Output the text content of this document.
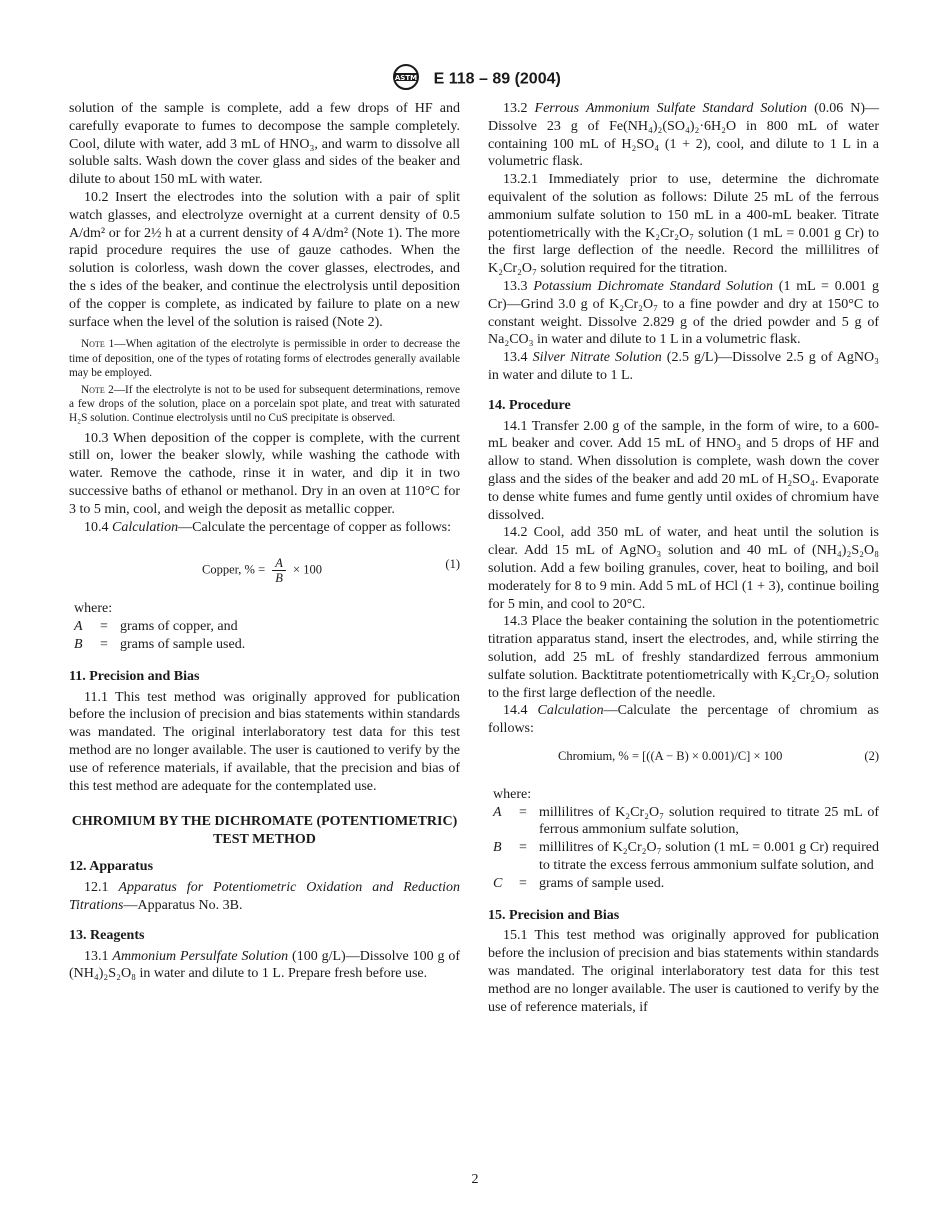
ASTM E 118 – 89 (2004)

solution of the sample is complete, add a few drops of HF and carefully evaporate to fumes to decompose the sample completely. Cool, dilute with water, add 3 mL of HNO₃, and warm to dissolve all soluble salts. Wash down the cover glass and sides of the beaker and dilute to about 150 mL with water.

10.2 Insert the electrodes into the solution with a pair of split watch glasses, and electrolyze overnight at a current density of 0.5 A/dm² or for 2½ h at a current density of 4 A/dm² (Note 1). The more rapid procedure requires the use of gauze cathodes. When the solution is colorless, wash down the cover glasses, electrodes, and the s ides of the beaker, and continue the electrolysis until deposition of the copper is complete, as indicated by failure to plate on a new surface when the level of the solution is raised (Note 2).

Note 1—When agitation of the electrolyte is permissible in order to decrease the time of deposition, one of the types of rotating forms of electrodes generally available may be employed.
Note 2—If the electrolyte is not to be used for subsequent determinations, remove a few drops of the solution, place on a porcelain spot plate, and treat with saturated H₂S solution. Continue electrolysis until no CuS precipitate is observed.

10.3 When deposition of the copper is complete, with the current still on, lower the beaker slowly, while washing the cathode with water. Remove the cathode, rinse it in water, and dip it in two successive baths of ethanol or methanol. Dry in an oven at 110°C for 3 to 5 min, cool, and weigh the deposit as metallic copper.

10.4 Calculation—Calculate the percentage of copper as follows:

Copper, % = $\frac{A}{B} \times 100$	(1)

where:

A	= grams of copper, and
B	= grams of sample used.
11. Precision and Bias

11.1 This test method was originally approved for publication before the inclusion of precision and bias statements within standards was mandated. The original interlaboratory test data for this test method are no longer available. The user is cautioned to verify by the use of reference materials, if available, that the precision and bias of this test method are adequate for the contemplated use.

CHROMIUM BY THE DICHROMATE (POTENTIOMETRIC) TEST METHOD
12. Apparatus

12.1 Apparatus for Potentiometric Oxidation and Reduction Titrations—Apparatus No. 3B.

13. Reagents

13.1 Ammonium Persulfate Solution (100 g/L)—Dissolve 100 g of (NH₄)₂S₂O₈ in water and dilute to 1 L. Prepare fresh before use.

13.2 Ferrous Ammonium Sulfate Standard Solution (0.06 N)—Dissolve 23 g of Fe(NH₄)₂(SO₄)₂·6H₂O in 800 mL of water containing 100 mL of H₂SO₄ (1 + 2), cool, and dilute to 1 L in a volumetric flask.

13.2.1 Immediately prior to use, determine the dichromate equivalent of the solution as follows: Dilute 25 mL of the ferrous ammonium sulfate solution to 150 mL in a 400-mL beaker. Titrate potentiometrically with the K₂Cr₂O₇ solution (1 mL = 0.001 g Cr) to the first large deflection of the needle. Record the millilitres of K₂Cr₂O₇ solution required for the titration.

13.3 Potassium Dichromate Standard Solution (1 mL = 0.001 g Cr)—Grind 3.0 g of K₂Cr₂O₇ to a fine powder and dry at 150°C to constant weight. Dissolve 2.829 g of the dried powder and 5 g of Na₂CO₃ in water and dilute to 1 L in a volumetric flask.

13.4 Silver Nitrate Solution (2.5 g/L)—Dissolve 2.5 g of AgNO₃ in water and dilute to 1 L.

14. Procedure

14.1 Transfer 2.00 g of the sample, in the form of wire, to a 600-mL beaker and cover. Add 15 mL of HNO₃ and 5 drops of HF and allow to stand. When dissolution is complete, wash down the cover glass and the sides of the beaker and add 20 mL of H₂SO₄. Evaporate to dense white fumes and fume gently until oxides of chromium have dissolved.

14.2 Cool, add 350 mL of water, and heat until the solution is clear. Add 15 mL of AgNO₃ solution and 40 mL of (NH₄)₂S₂O₈ solution. Add a few boiling granules, cover, heat to boiling, and boil moderately for 8 to 9 min. Add 5 mL of HCl (1 + 3), continue boiling for 5 min, and cool to 20°C.

14.3 Place the beaker containing the solution in the potentiometric titration apparatus stand, insert the electrodes, and, while stirring the solution, add 25 mL of freshly standardized ferrous ammonium sulfate solution. Backtitrate potentiometrically with K₂Cr₂O₇ solution to the first large deflection of the needle.

14.4 Calculation—Calculate the percentage of chromium as follows:

Chromium, % = [((A − B) × 0.001)/C] × 100	(2)

where:

A	= millilitres of K₂Cr₂O₇ solution required to titrate 25 mL of ferrous ammonium sulfate solution,
B	= millilitres of K₂Cr₂O₇ solution (1 mL = 0.001 g Cr) required to titrate the excess ferrous ammonium sulfate solution, and
C	= grams of sample used.
15. Precision and Bias

15.1 This test method was originally approved for publication before the inclusion of precision and bias statements within standards was mandated. The original interlaboratory test data for this test method are no longer available. The user is cautioned to verify by the use of reference materials, if

2
